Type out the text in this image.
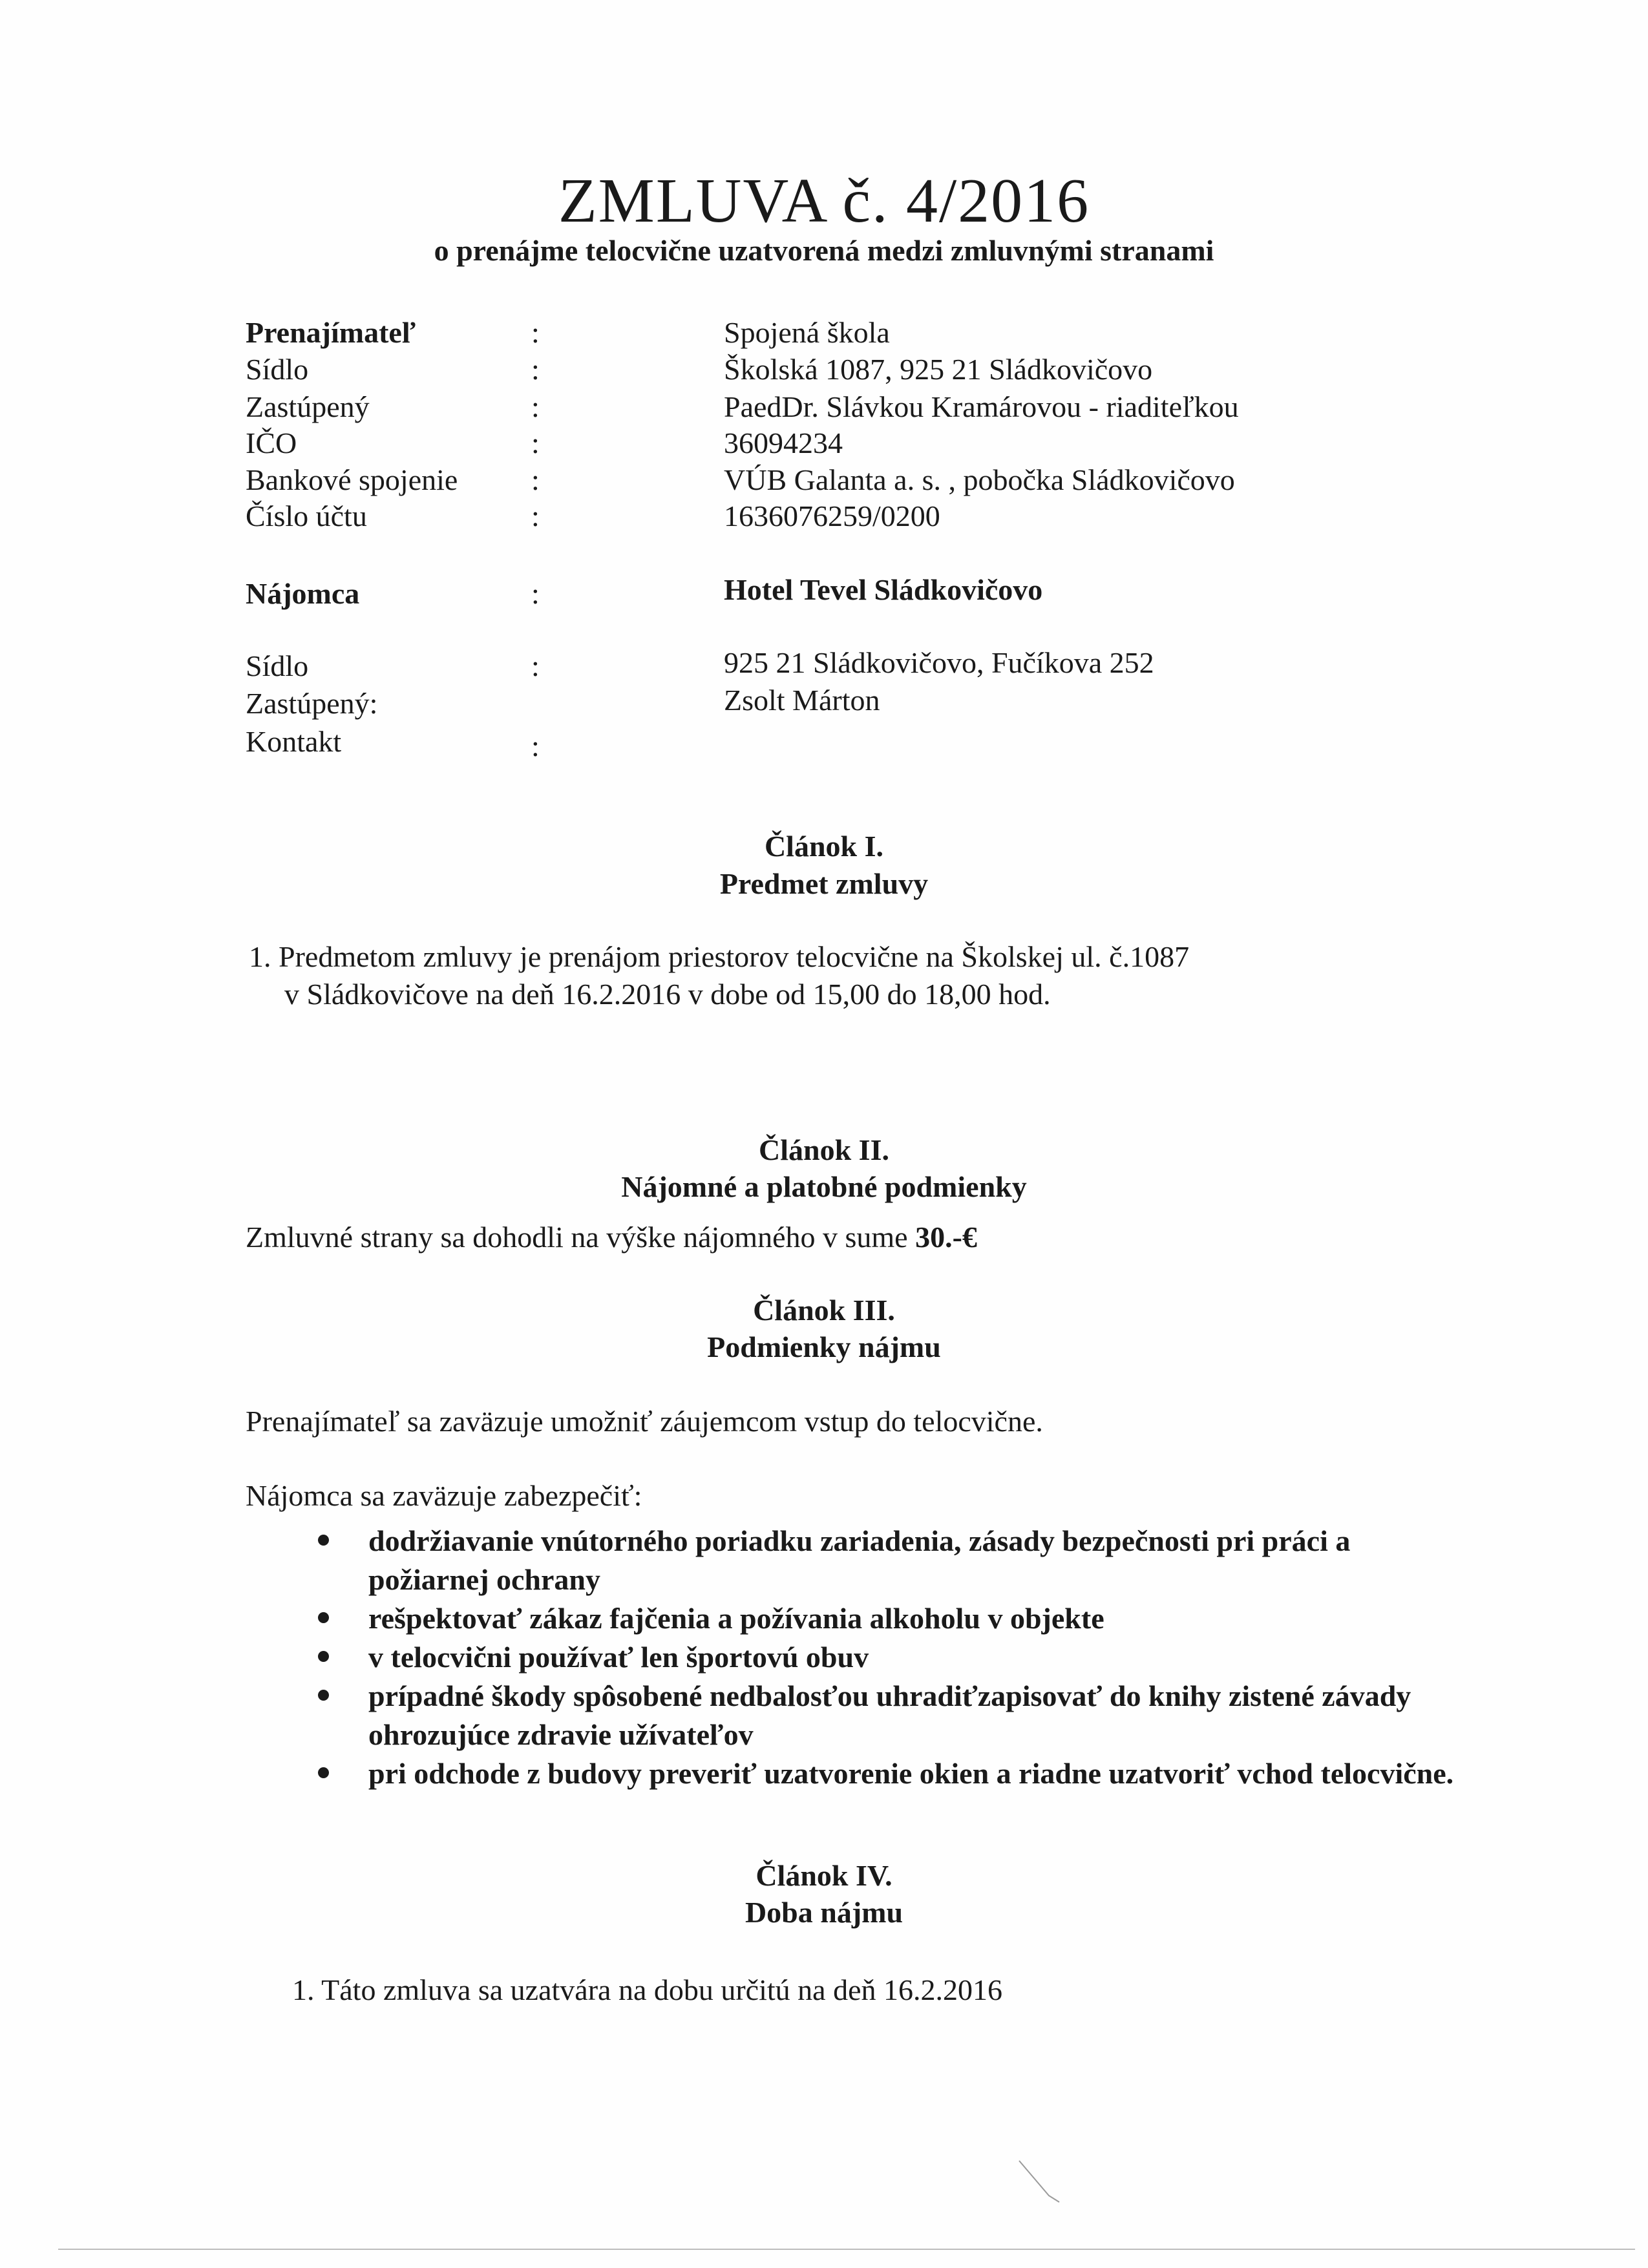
ZMLUVA č. 4/2016
o prenájme telocvične uzatvorená medzi zmluvnými stranami
Prenajímateľ	:	Spojená škola
Sídlo	:	Školská 1087, 925 21 Sládkovičovo
Zastúpený	:	PaedDr. Slávkou Kramárovou - riaditeľkou
IČO	:	36094234
Bankové spojenie :	VÚB Galanta a. s. , pobočka Sládkovičovo
Číslo účtu	:	1636076259/0200
Nájomca	:	Hotel Tevel Sládkovičovo
Sídlo	:	925 21 Sládkovičovo, Fučíkova 252
Zastúpený:	Zsolt Márton
Kontakt	:
Článok I.
Predmet zmluvy
1. Predmetom zmluvy je prenájom priestorov telocvične na Školskej ul. č.1087
v Sládkovičove na deň 16.2.2016 v dobe od 15,00 do 18,00 hod.
Článok II.
Nájomné a platobné podmienky
Zmluvné strany sa dohodli na výške nájomného v sume 30.-€
Článok III.
Podmienky nájmu
Prenajímateľ sa zaväzuje umožniť záujemcom vstup do telocvične.
Nájomca sa zaväzuje zabezpečiť:
dodržiavanie vnútorného poriadku zariadenia, zásady bezpečnosti pri práci a požiarnej ochrany
rešpektovať zákaz fajčenia a požívania alkoholu v objekte
v telocvični používať len športovú obuv
prípadné škody spôsobené nedbalosťou uhradiťzapisovať do knihy zistené závady ohrozujúce zdravie užívateľov
pri odchode z budovy preveriť uzatvorenie okien a riadne uzatvoriť vchod telocvične.
Článok IV.
Doba nájmu
1. Táto zmluva sa uzatvára na dobu určitú na deň 16.2.2016
